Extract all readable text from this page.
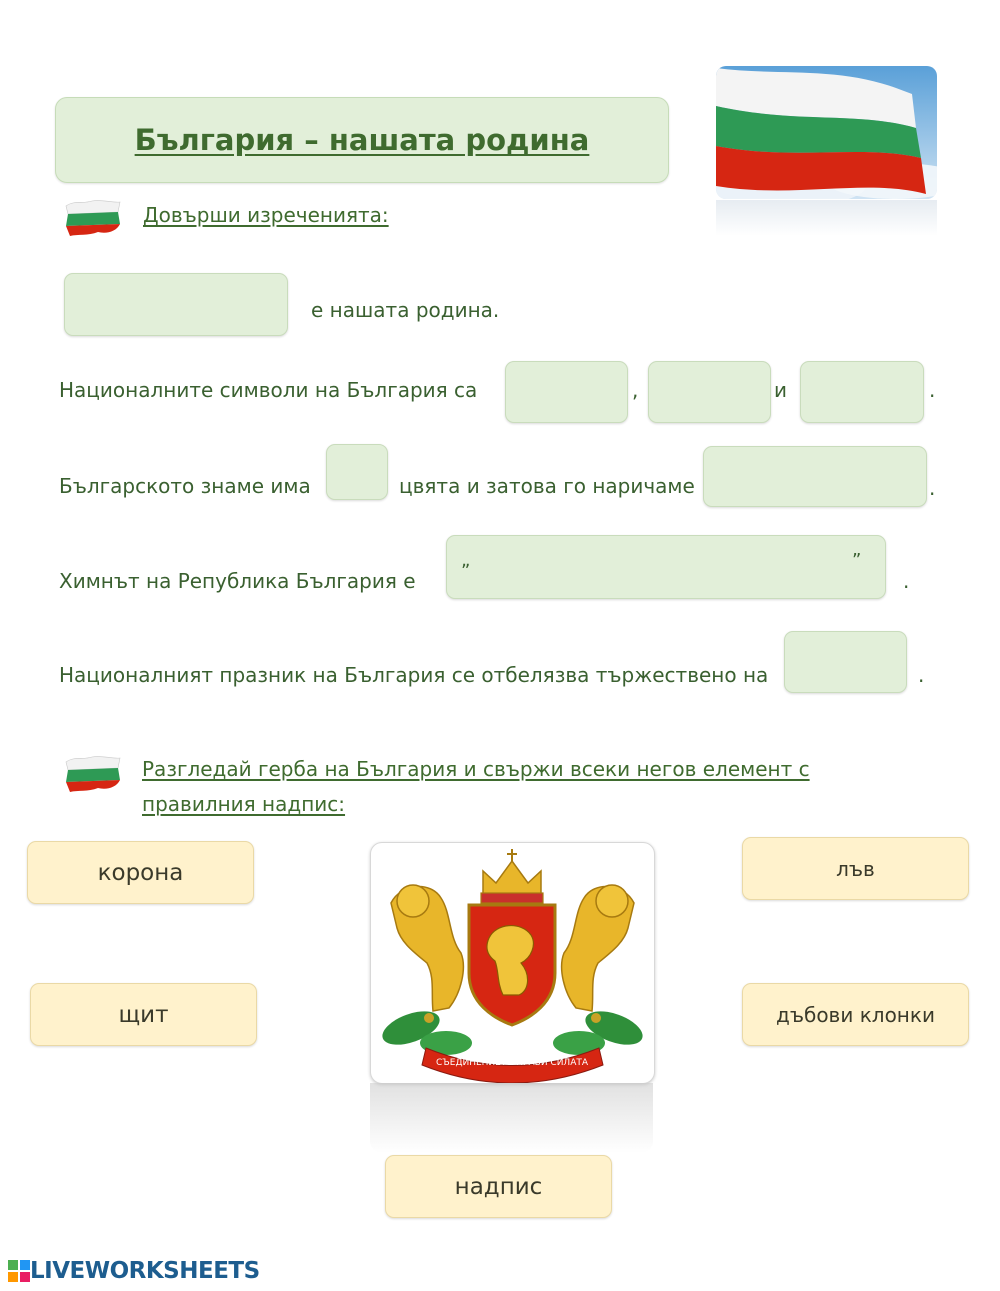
България – нашата родина
Довърши изреченията:
е нашата родина.
Националните символи на България са	,	и	.
Българското знаме има	цвята и затова го наричаме	.
Химнът на Република България е
„	”
.
Националният празник на България се отбелязва тържествено на	.
Разгледай герба на България и свържи всеки негов елемент с
правилния надпис:
корона	лъв
щит	дъбови клонки
надпис
СЪЕДИНЕНИЕТО ПРАВИ СИЛАТА
LIVEWORKSHEETS
